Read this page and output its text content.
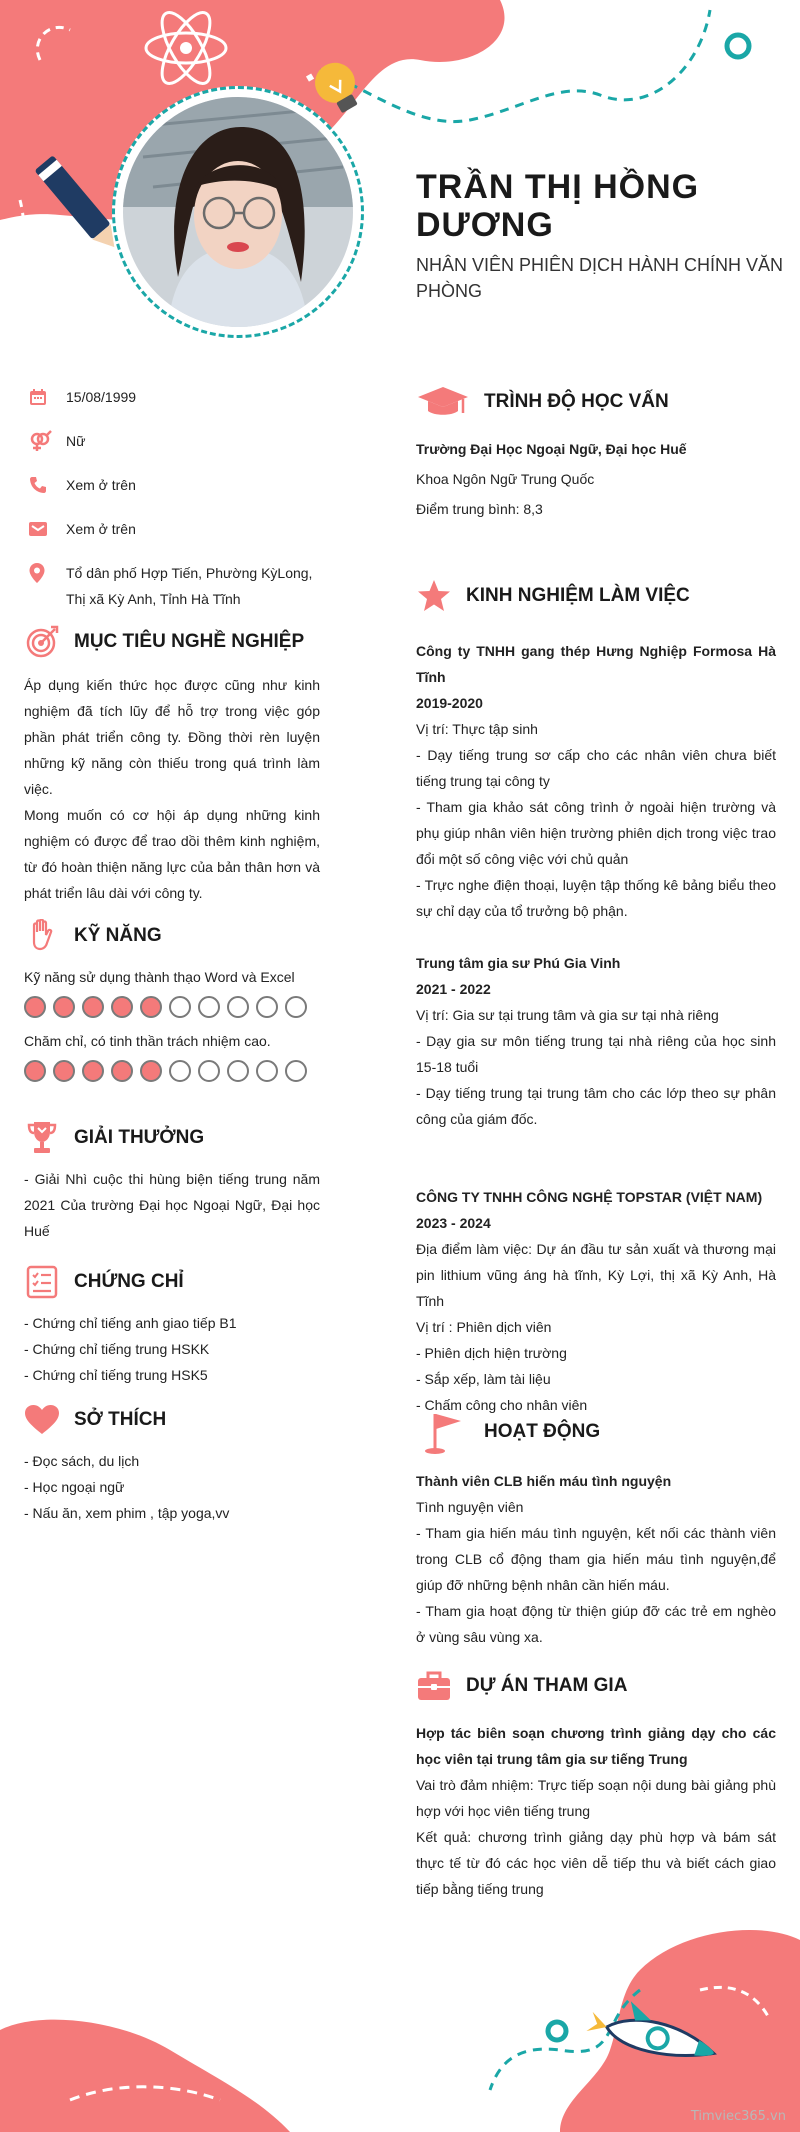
TRẦN THỊ HỒNG DƯƠNG
NHÂN VIÊN PHIÊN DỊCH HÀNH CHÍNH VĂN PHÒNG
15/08/1999
Nữ
Xem ở trên
Xem ở trên
Tổ dân phố Hợp Tiến, Phường KỳLong,
Thị xã Kỳ Anh, Tỉnh Hà Tĩnh
MỤC TIÊU NGHỀ NGHIỆP
Áp dụng kiến thức học được cũng như kinh nghiệm đã tích lũy để hỗ trợ trong việc góp phần phát triển công ty. Đồng thời rèn luyện những kỹ năng còn thiếu trong quá trình làm việc.
Mong muốn có cơ hội áp dụng những kinh nghiệm có được để trao dồi thêm kinh nghiệm, từ đó hoàn thiện năng lực của bản thân hơn và phát triển lâu dài với công ty.
KỸ NĂNG
Kỹ năng sử dụng thành thạo Word và Excel
Chăm chỉ, có tinh thần trách nhiệm cao.
GIẢI THƯỞNG
- Giải Nhì cuộc thi hùng biện tiếng trung năm 2021 Của trường Đại học Ngoại Ngữ, Đại học Huế
CHỨNG CHỈ
- Chứng chỉ tiếng anh giao tiếp B1
- Chứng chỉ tiếng trung HSKK
- Chứng chỉ tiếng trung HSK5
SỞ THÍCH
- Đọc sách, du lịch
- Học ngoại ngữ
- Nấu ăn, xem phim , tập yoga,vv
TRÌNH ĐỘ HỌC VẤN
Trường Đại Học Ngoại Ngữ, Đại học Huế
Khoa Ngôn Ngữ Trung Quốc
Điểm trung bình: 8,3
KINH NGHIỆM LÀM VIỆC
Công ty TNHH gang thép Hưng Nghiệp Formosa Hà Tĩnh
2019-2020
Vị trí: Thực tập sinh
- Dạy tiếng trung sơ cấp cho các nhân viên chưa biết tiếng trung tại công ty
- Tham gia khảo sát công trình ở ngoài hiện trường và phụ giúp nhân viên hiện trường phiên dịch trong việc trao đổi một số công việc với chủ quản
- Trực nghe điện thoại, luyện tập thống kê bảng biểu theo sự chỉ dạy của tổ trưởng bộ phận.
Trung tâm gia sư Phú Gia Vinh
2021 - 2022
Vị trí: Gia sư tại trung tâm và gia sư tại nhà riêng
- Dạy gia sư môn tiếng trung tại nhà riêng của học sinh 15-18 tuổi
- Dạy tiếng trung tại trung tâm cho các lớp theo sự phân công của giám đốc.
CÔNG TY TNHH CÔNG NGHỆ TOPSTAR (VIỆT NAM)
2023 - 2024
Địa điểm làm việc: Dự án đầu tư sản xuất và thương mại pin lithium vũng áng hà tĩnh, Kỳ Lợi, thị xã Kỳ Anh, Hà Tĩnh
Vị trí : Phiên dịch viên
- Phiên dịch hiện trường
- Sắp xếp, làm tài liệu
- Chấm công cho nhân viên
HOẠT ĐỘNG
Thành viên CLB hiến máu tình nguyện
Tình nguyện viên
- Tham gia hiến máu tình nguyện, kết nối các thành viên trong CLB cổ động tham gia hiến máu tình nguyện,để giúp đỡ những bệnh nhân cần hiến máu.
- Tham gia hoạt động từ thiện giúp đỡ các trẻ em nghèo ở vùng sâu vùng xa.
DỰ ÁN THAM GIA
Hợp tác biên soạn chương trình giảng dạy cho các học viên tại trung tâm gia sư tiếng Trung
Vai trò đảm nhiệm: Trực tiếp soạn nội dung bài giảng phù hợp với học viên tiếng trung
Kết quả: chương trình giảng dạy phù hợp và bám sát thực tế từ đó các học viên dễ tiếp thu và biết cách giao tiếp bằng tiếng trung
Timviec365.vn
